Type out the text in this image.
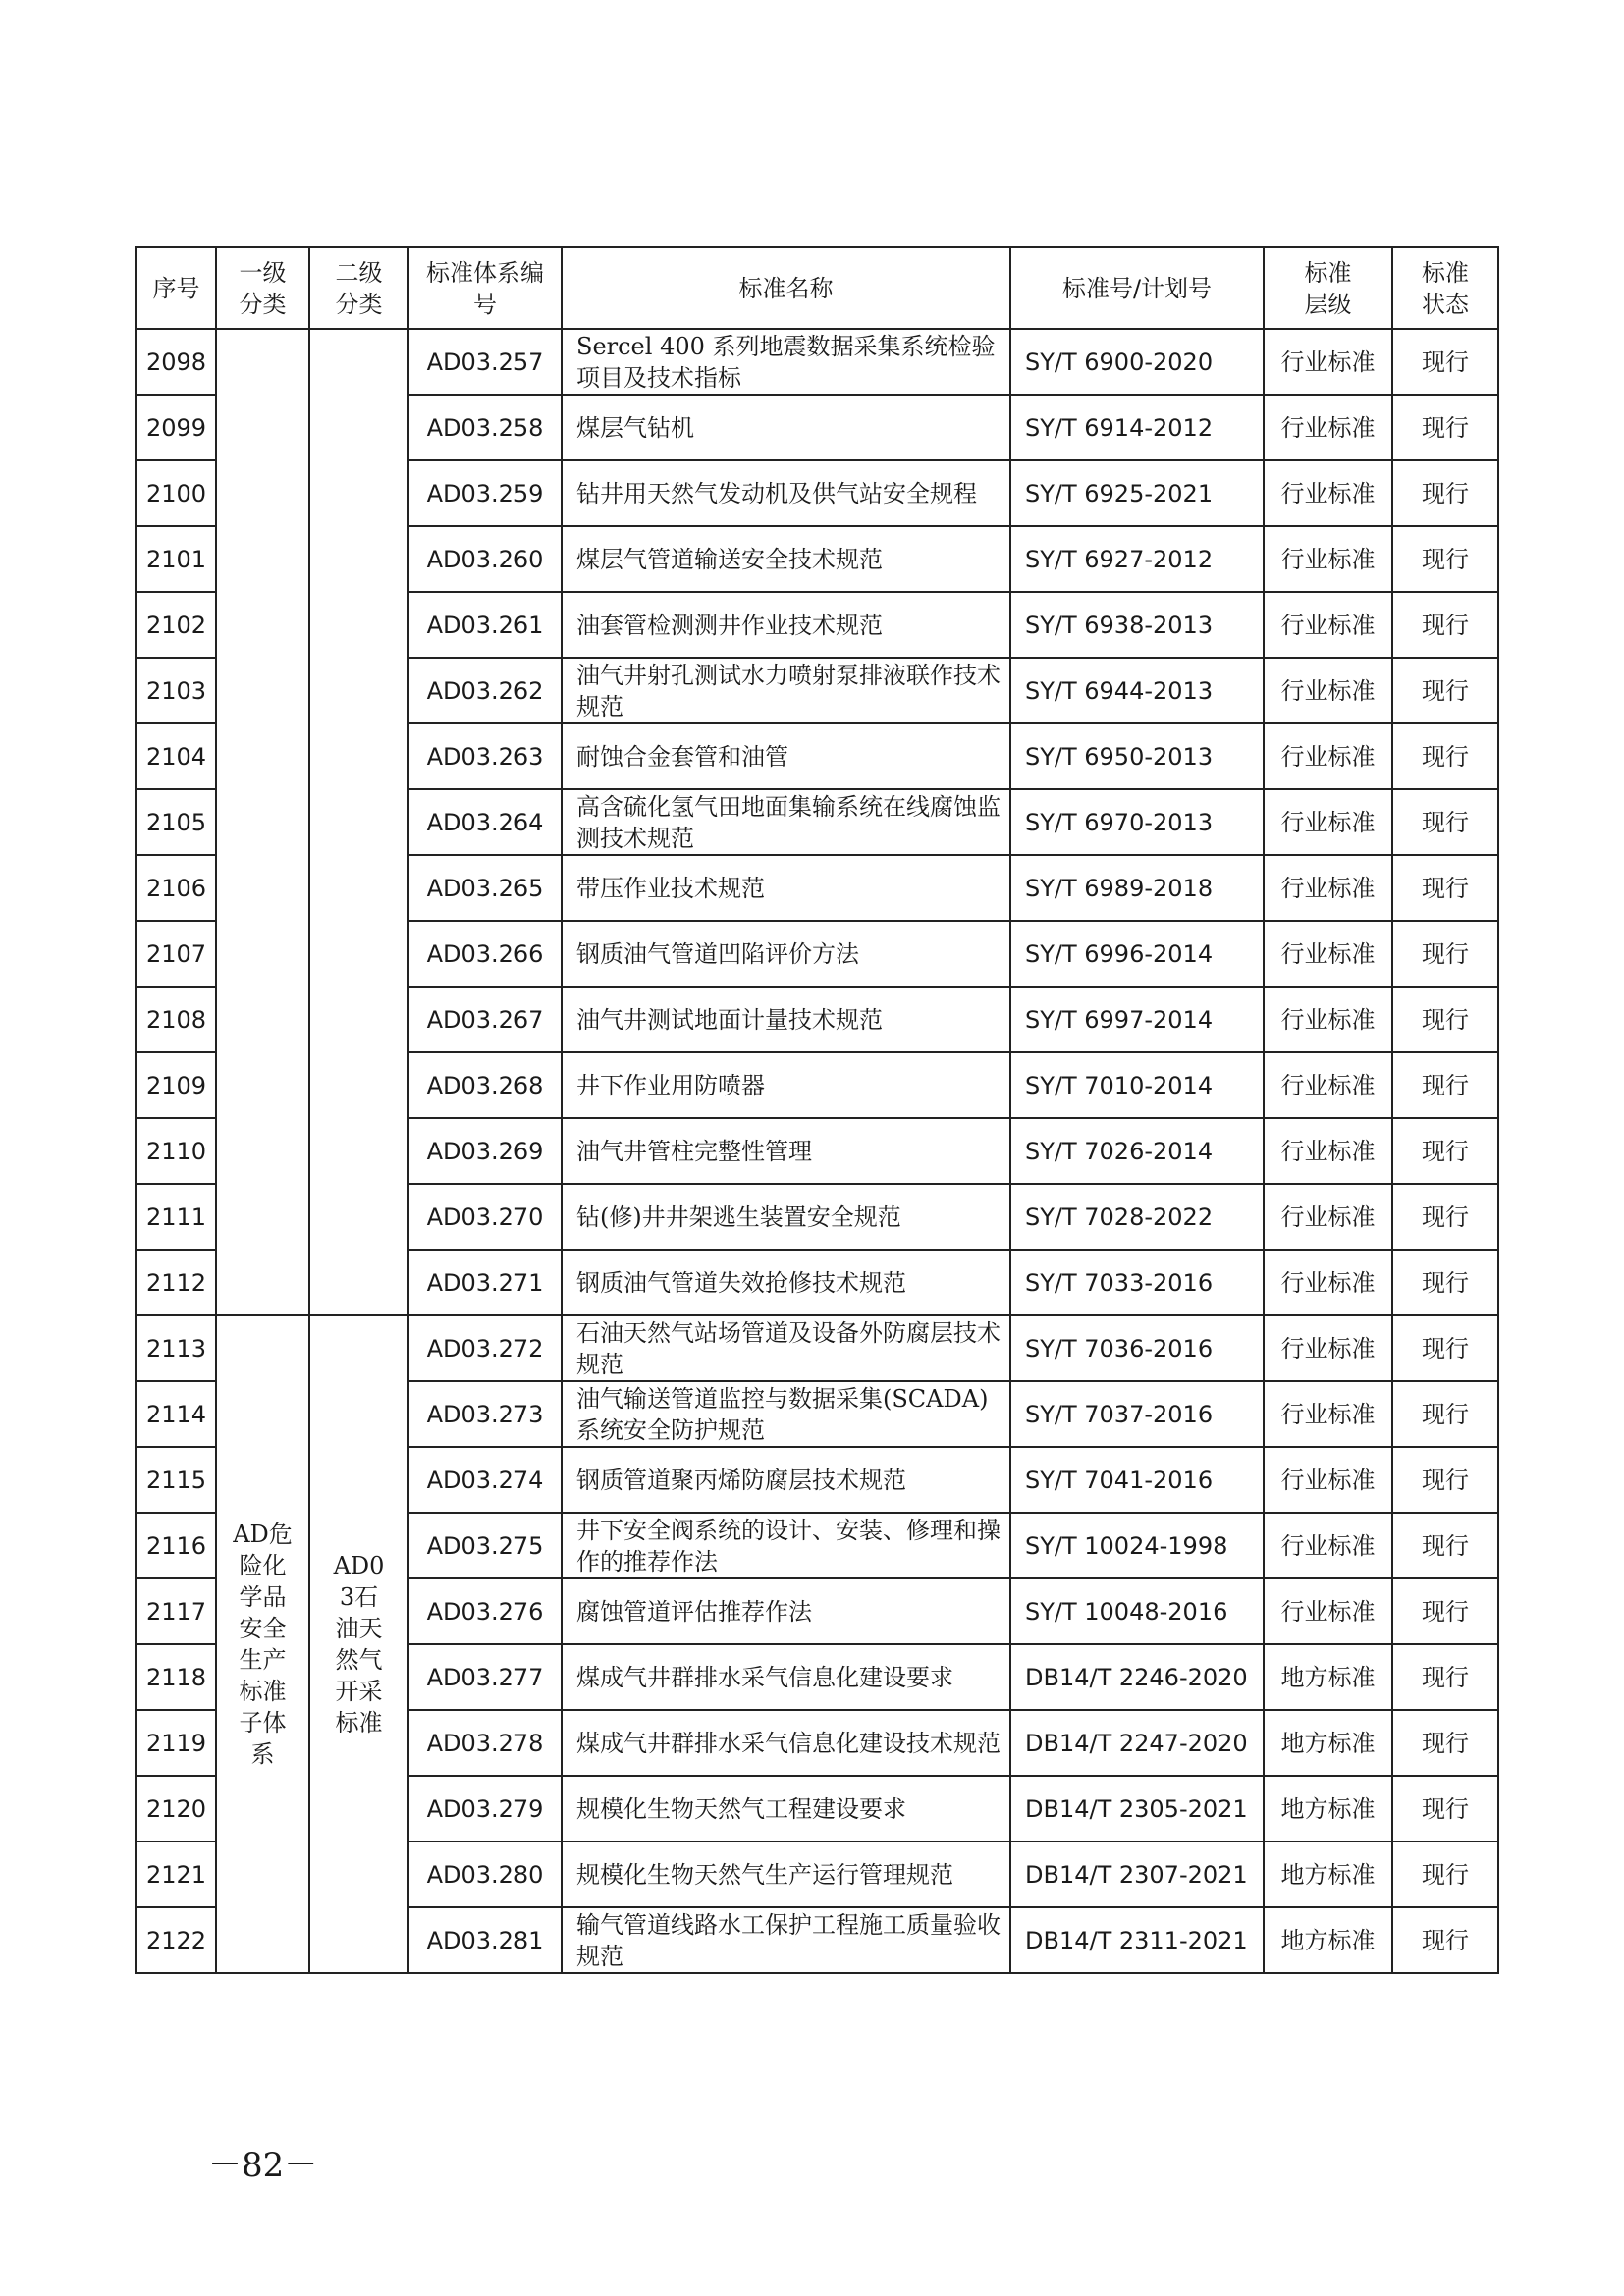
序号	一级分类	二级分类	标准体系编号	标准名称	标准号/计划号	标准层级	标准状态
2098			AD03.257	Sercel 400 系列地震数据采集系统检验项目及技术指标	SY/T 6900-2020	行业标准	现行
2099			AD03.258	煤层气钻机	SY/T 6914-2012	行业标准	现行
2100			AD03.259	钻井用天然气发动机及供气站安全规程	SY/T 6925-2021	行业标准	现行
2101			AD03.260	煤层气管道输送安全技术规范	SY/T 6927-2012	行业标准	现行
2102			AD03.261	油套管检测测井作业技术规范	SY/T 6938-2013	行业标准	现行
2103			AD03.262	油气井射孔测试水力喷射泵排液联作技术规范	SY/T 6944-2013	行业标准	现行
2104			AD03.263	耐蚀合金套管和油管	SY/T 6950-2013	行业标准	现行
2105			AD03.264	高含硫化氢气田地面集输系统在线腐蚀监测技术规范	SY/T 6970-2013	行业标准	现行
2106			AD03.265	带压作业技术规范	SY/T 6989-2018	行业标准	现行
2107			AD03.266	钢质油气管道凹陷评价方法	SY/T 6996-2014	行业标准	现行
2108			AD03.267	油气井测试地面计量技术规范	SY/T 6997-2014	行业标准	现行
2109			AD03.268	井下作业用防喷器	SY/T 7010-2014	行业标准	现行
2110			AD03.269	油气井管柱完整性管理	SY/T 7026-2014	行业标准	现行
2111			AD03.270	钻(修)井井架逃生装置安全规范	SY/T 7028-2022	行业标准	现行
2112			AD03.271	钢质油气管道失效抢修技术规范	SY/T 7033-2016	行业标准	现行
2113	AD危险化学品安全生产标准子体系	AD03石油天然气开采标准	AD03.272	石油天然气站场管道及设备外防腐层技术规范	SY/T 7036-2016	行业标准	现行
2114			AD03.273	油气输送管道监控与数据采集(SCADA)系统安全防护规范	SY/T 7037-2016	行业标准	现行
2115			AD03.274	钢质管道聚丙烯防腐层技术规范	SY/T 7041-2016	行业标准	现行
2116			AD03.275	井下安全阀系统的设计、安装、修理和操作的推荐作法	SY/T 10024-1998	行业标准	现行
2117			AD03.276	腐蚀管道评估推荐作法	SY/T 10048-2016	行业标准	现行
2118			AD03.277	煤成气井群排水采气信息化建设要求	DB14/T 2246-2020	地方标准	现行
2119			AD03.278	煤成气井群排水采气信息化建设技术规范	DB14/T 2247-2020	地方标准	现行
2120			AD03.279	规模化生物天然气工程建设要求	DB14/T 2305-2021	地方标准	现行
2121			AD03.280	规模化生物天然气生产运行管理规范	DB14/T 2307-2021	地方标准	现行
2122			AD03.281	输气管道线路水工保护工程施工质量验收规范	DB14/T 2311-2021	地方标准	现行
－82－
